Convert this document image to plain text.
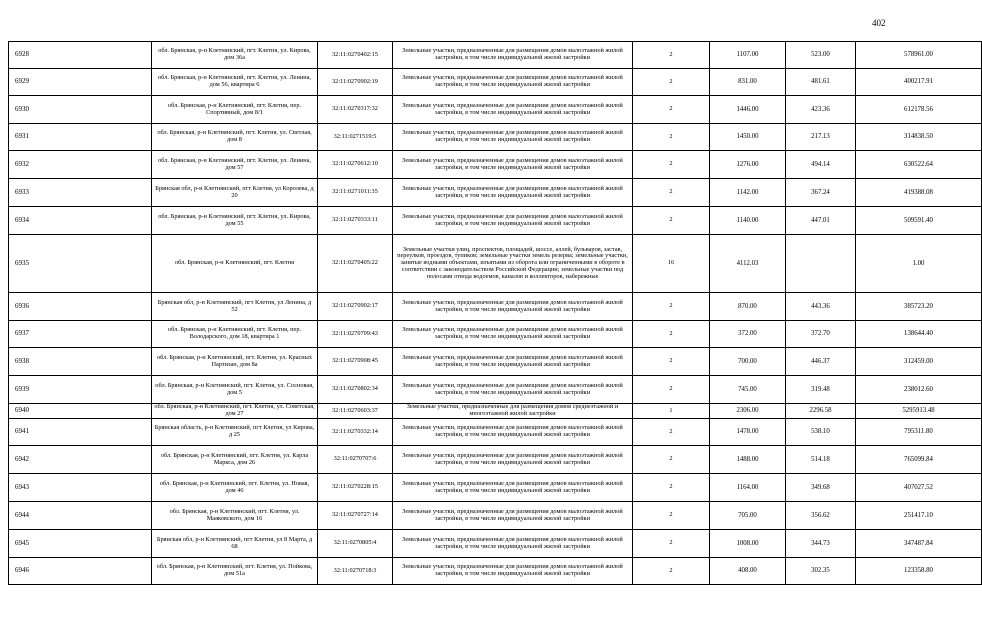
402
6928	обл. Брянская, р-н Клетнянский, пгт. Клетня, ул. Кирова, дом 36а	32:11:0270402:15	Земельные участки, предназначенные для размещения домов малоэтажной жилой застройки, в том числе индивидуальной жилой застройки	2	1107.00	523.00	578961.00
6929	обл. Брянская, р-н Клетнянский, пгт. Клетня, ул. Ленина, дом 56, квартира 6	32:11:0270902:19	Земельные участки, предназначенные для размещения домов малоэтажной жилой застройки, в том числе индивидуальной жилой застройки	2	831.00	481.61	400217.91
6930	обл. Брянская, р-н Клетнянский, пгт. Клетня, пер. Спортивный, дом 8/1	32:11:0270317:32	Земельные участки, предназначенные для размещения домов малоэтажной жилой застройки, в том числе индивидуальной жилой застройки	2	1446.00	423.36	612178.56
6931	обл. Брянская, р-н Клетнянский, пгт. Клетня, ул. Светлая, дом 8	32:11:0271519:5	Земельные участки, предназначенные для размещения домов малоэтажной жилой застройки, в том числе индивидуальной жилой застройки	2	1450.00	217.13	314838.50
6932	обл. Брянская, р-н Клетнянский, пгт. Клетня, ул. Ленина, дом 57	32:11:0270612:10	Земельные участки, предназначенные для размещения домов малоэтажной жилой застройки, в том числе индивидуальной жилой застройки	2	1276.00	494.14	630522.64
6933	Брянская обл, р-н Клетнянский, пгт Клетня, ул Королева, д 20	32:11:0271011:35	Земельные участки, предназначенные для размещения домов малоэтажной жилой застройки, в том числе индивидуальной жилой застройки	2	1142.00	367.24	419388.08
6934	обл. Брянская, р-н Клетнянский, пгт. Клетня, ул. Кирова, дом 55	32:11:0270333:11	Земельные участки, предназначенные для размещения домов малоэтажной жилой застройки, в том числе индивидуальной жилой застройки	2	1140.00	447.01	509591.40
6935	обл. Брянская, р-н Клетнянский, пгт. Клетня	32:11:0270405:22	Земельные участки улиц, проспектов, площадей, шоссе, аллей, бульваров, застав, переулков, проездов, тупиков; земельные участки земель резерва; земельные участки, занятые водными объектами, изъятыми из оборота или ограниченными в обороте в соответствии с законодательством Российской Федерации; земельные участки под полосами отвода водоемов, каналов и коллекторов, набережные	16	4112.03		1.00
6936	Брянская обл, р-н Клетнянский, пгт Клетня, ул Ленина, д 52	32:11:0270902:17	Земельные участки, предназначенные для размещения домов малоэтажной жилой застройки, в том числе индивидуальной жилой застройки	2	870.00	443.36	385723.20
6937	обл. Брянская, р-н Клетнянский, пгт. Клетня, пер. Володарского, дом 18, квартира 1	32:11:0270709:43	Земельные участки, предназначенные для размещения домов малоэтажной жилой застройки, в том числе индивидуальной жилой застройки	2	372.00	372.70	138644.40
6938	обл. Брянская, р-н Клетнянский, пгт. Клетня, ул. Красных Партизан, дом 8а	32:11:0270908:45	Земельные участки, предназначенные для размещения домов малоэтажной жилой застройки, в том числе индивидуальной жилой застройки	2	700.00	446.37	312459.00
6939	обл. Брянская, р-н Клетнянский, пгт. Клетня, ул. Сосновая, дом 5	32:11:0270802:34	Земельные участки, предназначенные для размещения домов малоэтажной жилой застройки, в том числе индивидуальной жилой застройки	2	745.00	319.48	238012.60
6940	обл. Брянская, р-н Клетнянский, пгт. Клетня, ул. Советская, дом 27	32:11:0270603:37	Земельные участки, предназначенные для размещения домов среднеэтажной и многоэтажной жилой застройки	1	2306.00	2296.58	5295913.48
6941	Брянская область, р-н Клетнянский, пгт Клетня, ул Кирова, д 25	32:11:0270332:14	Земельные участки, предназначенные для размещения домов малоэтажной жилой застройки, в том числе индивидуальной жилой застройки	2	1478.00	538.10	795311.80
6942	обл. Брянская, р-н Клетнянский, пгт. Клетня, ул. Карла Маркса, дом 26	32:11:0270707:6	Земельные участки, предназначенные для размещения домов малоэтажной жилой застройки, в том числе индивидуальной жилой застройки	2	1488.00	514.18	765099.84
6943	обл. Брянская, р-н Клетнянский, пгт. Клетня, ул. Новая, дом 46	32:11:0270228:15	Земельные участки, предназначенные для размещения домов малоэтажной жилой застройки, в том числе индивидуальной жилой застройки	2	1164.00	349.68	407027.52
6944	обл. Брянская, р-н Клетнянский, пгт. Клетня, ул. Маяковского, дом 16	32:11:0270727:14	Земельные участки, предназначенные для размещения домов малоэтажной жилой застройки, в том числе индивидуальной жилой застройки	2	705.00	356.62	251417.10
6945	Брянская обл, р-н Клетнянский, пгт Клетня, ул 8 Марта, д 68	32:11:0270805:4	Земельные участки, предназначенные для размещения домов малоэтажной жилой застройки, в том числе индивидуальной жилой застройки	2	1008.00	344.73	347487.84
6946	обл. Брянская, р-н Клетнянский, пгт. Клетня, ул. Пойкова, дом 51а	32:11:0270718:3	Земельные участки, предназначенные для размещения домов малоэтажной жилой застройки, в том числе индивидуальной жилой застройки	2	408.00	302.35	123358.80
